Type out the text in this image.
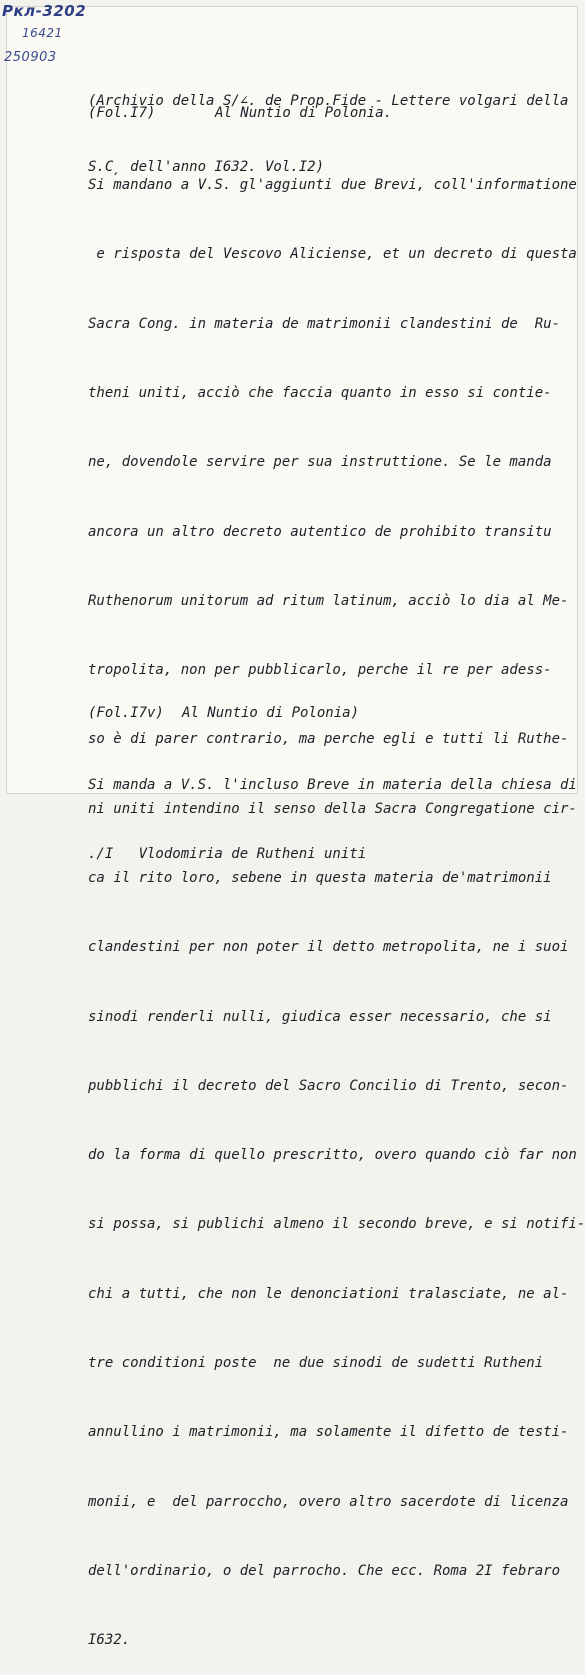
Ркл-3202
16421
250903

(Archivio della S/∠. de Prop.Fide - Lettere volgari della

S.C̦ dell'anno I632. Vol.I2)

(Fol.I7)	Al Nuntio di Polonia.

Si mandano a V.S. gl'aggiunti due Brevi, coll'informatione

e risposta del Vescovo Aliciense, et un decreto di questa

Sacra Cong. in materia de matrimonii clandestini de  Ru-

theni uniti, acciò che faccia quanto in esso si contie-

ne, dovendole servire per sua instruttione. Se le manda

ancora un altro decreto autentico de prohibito transitu

Ruthenorum unitorum ad ritum latinum, acciò lo dia al Me-

tropolita, non per pubblicarlo, perche il re per adess-

so è di parer contrario, ma perche egli e tutti li Ruthe-

ni uniti intendino il senso della Sacra Congregatione cir-

ca il rito loro, sebene in questa materia de'matrimonii

clandestini per non poter il detto metropolita, ne i suoi

sinodi renderli nulli, giudica esser necessario, che si

pubblichi il decreto del Sacro Concilio di Trento, secon-

do la forma di quello prescritto, overo quando ciò far non

si possa, si publichi almeno il secondo breve, e si notifi-

chi a tutti, che non le denonciationi tralasciate, ne al-

tre conditioni poste  ne due sinodi de sudetti Rutheni

annullino i matrimonii, ma solamente il difetto de testi-

monii, e  del parroccho, overo altro sacerdote di licenza

dell'ordinario, o del parrocho. Che ecc. Roma 2I febraro

I632.

(Fol.I7v) Al Nuntio di Polonia)

Si manda a V.S. l'incluso Breve in materia della chiesa di

./I   Vlodomiria de Rutheni uniti
